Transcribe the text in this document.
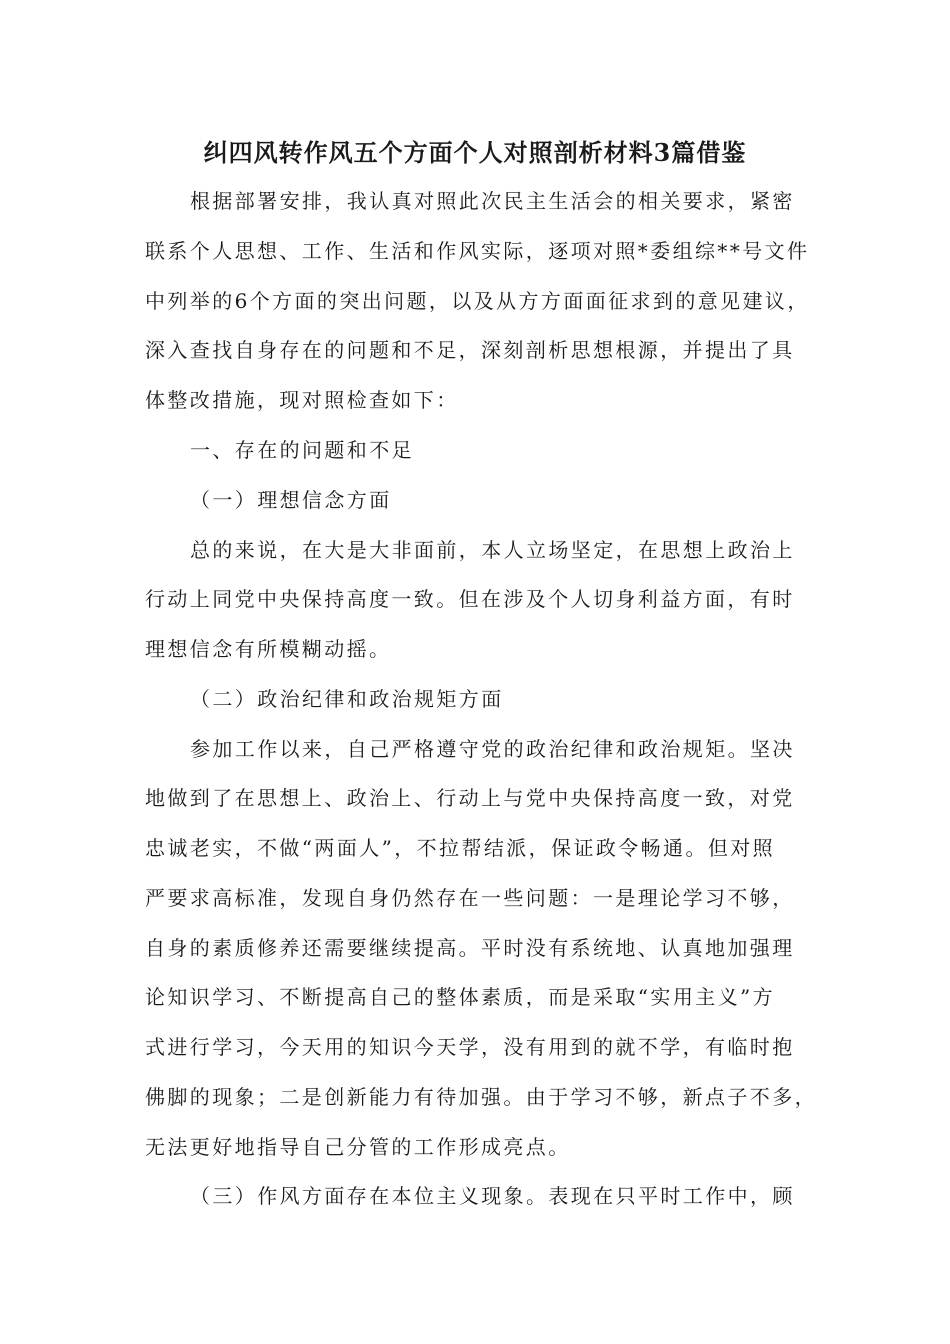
纠四风转作风五个方面个人对照剖析材料3篇借鉴
根据部署安排，我认真对照此次民主生活会的相关要求，紧密
联系个人思想、工作、生活和作风实际，逐项对照*委组综**号文件
中列举的6个方面的突出问题，以及从方方面面征求到的意见建议，
深入查找自身存在的问题和不足，深刻剖析思想根源，并提出了具
体整改措施，现对照检查如下：
一、存在的问题和不足
（一）理想信念方面
总的来说，在大是大非面前，本人立场坚定，在思想上政治上
行动上同党中央保持高度一致。但在涉及个人切身利益方面，有时
理想信念有所模糊动摇。
（二）政治纪律和政治规矩方面
参加工作以来，自己严格遵守党的政治纪律和政治规矩。坚决
地做到了在思想上、政治上、行动上与党中央保持高度一致，对党
忠诚老实，不做“两面人”，不拉帮结派，保证政令畅通。但对照
严要求高标准，发现自身仍然存在一些问题：一是理论学习不够，
自身的素质修养还需要继续提高。平时没有系统地、认真地加强理
论知识学习、不断提高自己的整体素质，而是采取“实用主义”方
式进行学习，今天用的知识今天学，没有用到的就不学，有临时抱
佛脚的现象；二是创新能力有待加强。由于学习不够，新点子不多，
无法更好地指导自己分管的工作形成亮点。
（三）作风方面存在本位主义现象。表现在只平时工作中，顾
